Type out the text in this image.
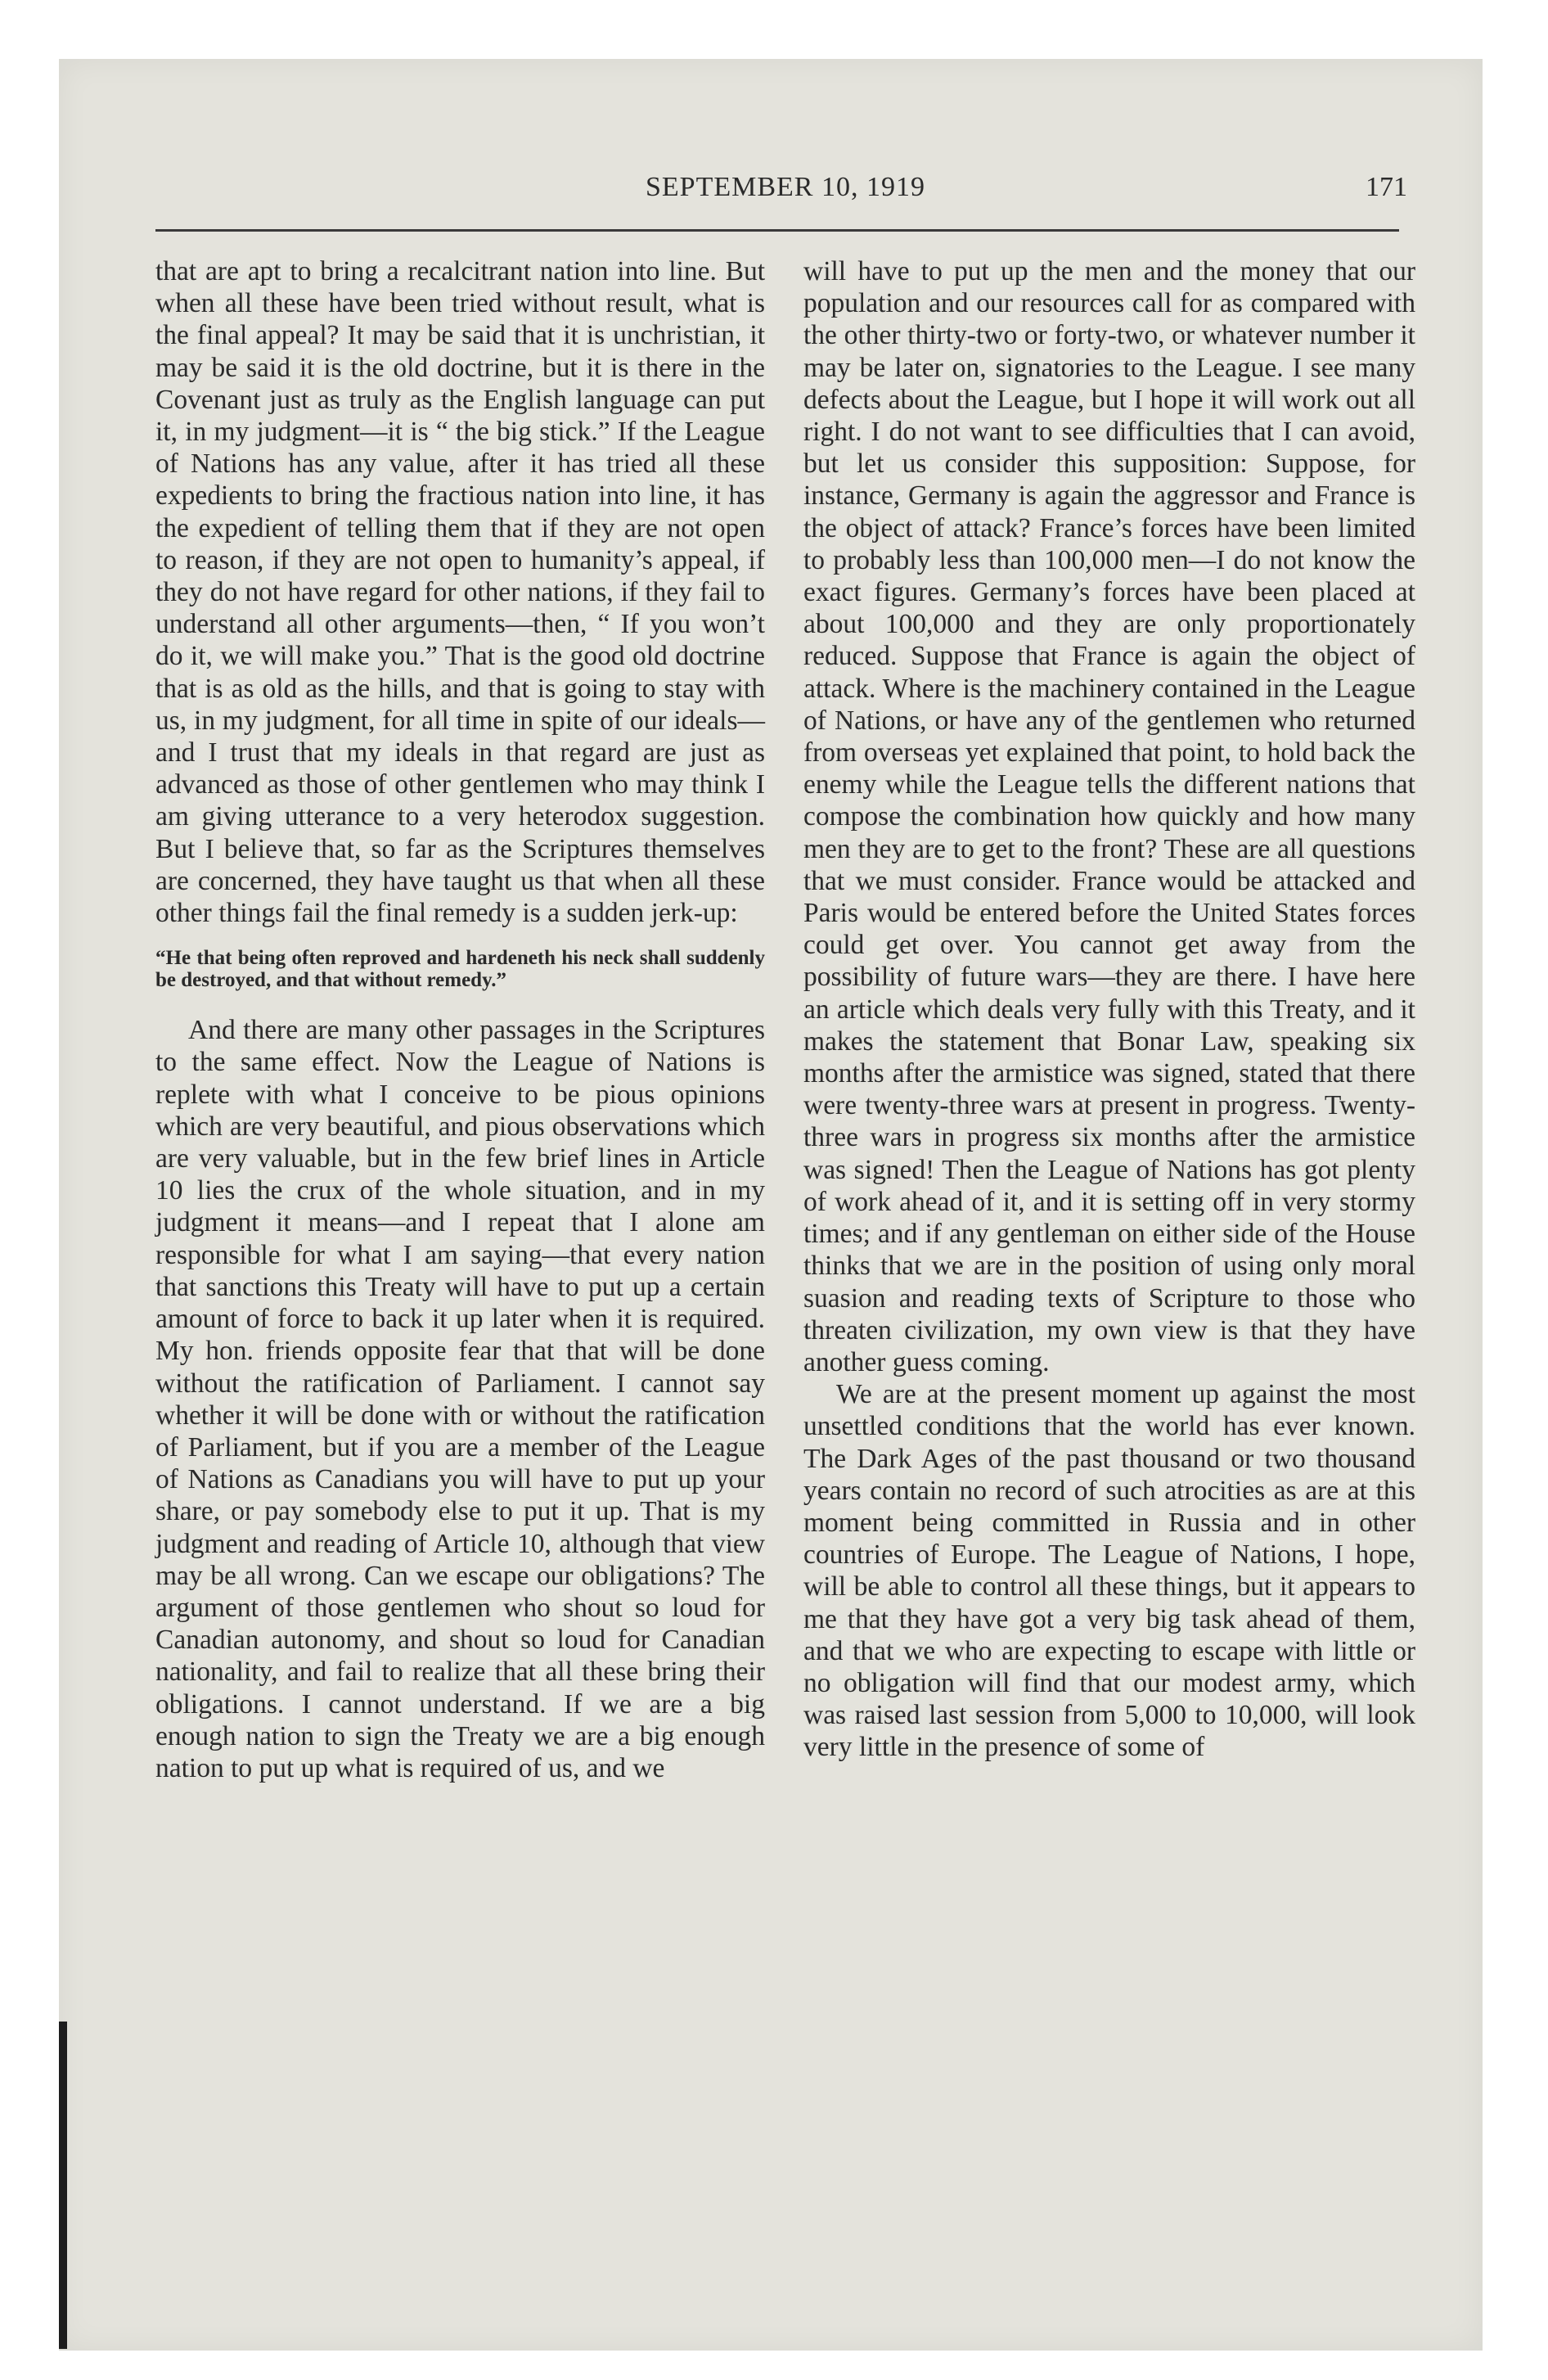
SEPTEMBER 10, 1919	171

that are apt to bring a recalcitrant nation into line. But when all these have been tried without result, what is the final appeal? It may be said that it is unchristian, it may be said it is the old doctrine, but it is there in the Covenant just as truly as the English language can put it, in my judgment—it is “ the big stick.” If the League of Nations has any value, after it has tried all these expedients to bring the fractious nation into line, it has the expedient of telling them that if they are not open to reason, if they are not open to humanity’s appeal, if they do not have regard for other nations, if they fail to understand all other arguments—then, “ If you won’t do it, we will make you.” That is the good old doctrine that is as old as the hills, and that is going to stay with us, in my judgment, for all time in spite of our ideals—and I trust that my ideals in that regard are just as advanced as those of other gentlemen who may think I am giving utterance to a very heterodox suggestion. But I believe that, so far as the Scriptures themselves are concerned, they have taught us that when all these other things fail the final remedy is a sudden jerk-up:

“He that being often reproved and hardeneth his neck shall suddenly be destroyed, and that without remedy.”

And there are many other passages in the Scriptures to the same effect. Now the League of Nations is replete with what I conceive to be pious opinions which are very beautiful, and pious observations which are very valuable, but in the few brief lines in Article 10 lies the crux of the whole situation, and in my judgment it means—and I repeat that I alone am responsible for what I am saying—that every nation that sanctions this Treaty will have to put up a certain amount of force to back it up later when it is required. My hon. friends opposite fear that that will be done without the ratification of Parliament. I cannot say whether it will be done with or without the ratification of Parliament, but if you are a member of the League of Nations as Canadians you will have to put up your share, or pay somebody else to put it up. That is my judgment and reading of Article 10, although that view may be all wrong. Can we escape our obligations? The argument of those gentlemen who shout so loud for Canadian autonomy, and shout so loud for Canadian nationality, and fail to realize that all these bring their obligations. I cannot understand. If we are a big enough nation to sign the Treaty we are a big enough nation to put up what is required of us, and we

will have to put up the men and the money that our population and our resources call for as compared with the other thirty-two or forty-two, or whatever number it may be later on, signatories to the League. I see many defects about the League, but I hope it will work out all right. I do not want to see difficulties that I can avoid, but let us consider this supposition: Suppose, for instance, Germany is again the aggressor and France is the object of attack? France’s forces have been limited to probably less than 100,000 men—I do not know the exact figures. Germany’s forces have been placed at about 100,000 and they are only proportionately reduced. Suppose that France is again the object of attack. Where is the machinery contained in the League of Nations, or have any of the gentlemen who returned from overseas yet explained that point, to hold back the enemy while the League tells the different nations that compose the combination how quickly and how many men they are to get to the front? These are all questions that we must consider. France would be attacked and Paris would be entered before the United States forces could get over. You cannot get away from the possibility of future wars—they are there. I have here an article which deals very fully with this Treaty, and it makes the statement that Bonar Law, speaking six months after the armistice was signed, stated that there were twenty-three wars at present in progress. Twenty-three wars in progress six months after the armistice was signed! Then the League of Nations has got plenty of work ahead of it, and it is setting off in very stormy times; and if any gentleman on either side of the House thinks that we are in the position of using only moral suasion and reading texts of Scripture to those who threaten civilization, my own view is that they have another guess coming.

We are at the present moment up against the most unsettled conditions that the world has ever known. The Dark Ages of the past thousand or two thousand years contain no record of such atrocities as are at this moment being committed in Russia and in other countries of Europe. The League of Nations, I hope, will be able to control all these things, but it appears to me that they have got a very big task ahead of them, and that we who are expecting to escape with little or no obligation will find that our modest army, which was raised last session from 5,000 to 10,000, will look very little in the presence of some of
